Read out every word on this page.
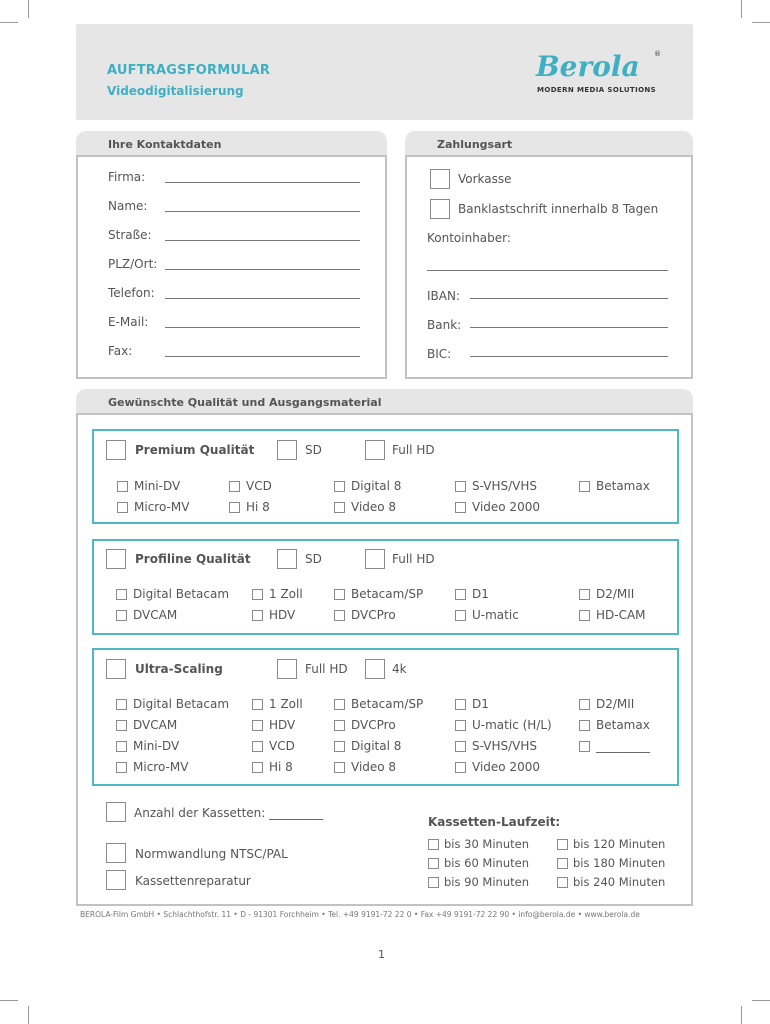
AUFTRAGSFORMULAR
Videodigitalisierung
Berola ®
MODERN MEDIA SOLUTIONS
Ihre Kontaktdaten	Zahlungsart
Vorkasse
Banklastschrift innerhalb 8 Tagen
Kontoinhaber:
IBAN:
Bank:
BIC:
Gewünschte Qualität und Ausgangsmaterial
Premium Qualität	SD	Full HD
Profiline Qualität	SD	Full HD
Ultra-Scaling	Full HD	4k
Anzahl der Kassetten: _________
Normwandlung NTSC/PAL
Kassettenreparatur
Kassetten-Laufzeit:
BEROLA-Film GmbH • Schlachthofstr. 11 • D - 91301 Forchheim • Tel. +49 9191-72 22 0 • Fax +49 9191-72 22 90 • info@berola.de • www.berola.de
1
Firma:
Name:
Straße:
PLZ/Ort:
Telefon:
E-Mail:
Fax:
Mini-DV
Micro-MV
VCD
Hi 8
Digital 8
Video 8
S-VHS/VHS
Video 2000
Betamax
Digital Betacam
DVCAM
1 Zoll
HDV
Betacam/SP
DVCPro
D1
U-matic
D2/MII
HD-CAM
Digital Betacam
DVCAM
Mini-DV
Micro-MV
1 Zoll
HDV
VCD
Hi 8
Betacam/SP
DVCPro
Digital 8
Video 8
D1
U-matic (H/L)
S-VHS/VHS
Video 2000
D2/MII
Betamax
_________
bis 30 Minuten
bis 60 Minuten
bis 90 Minuten
bis 120 Minuten
bis 180 Minuten
bis 240 Minuten
